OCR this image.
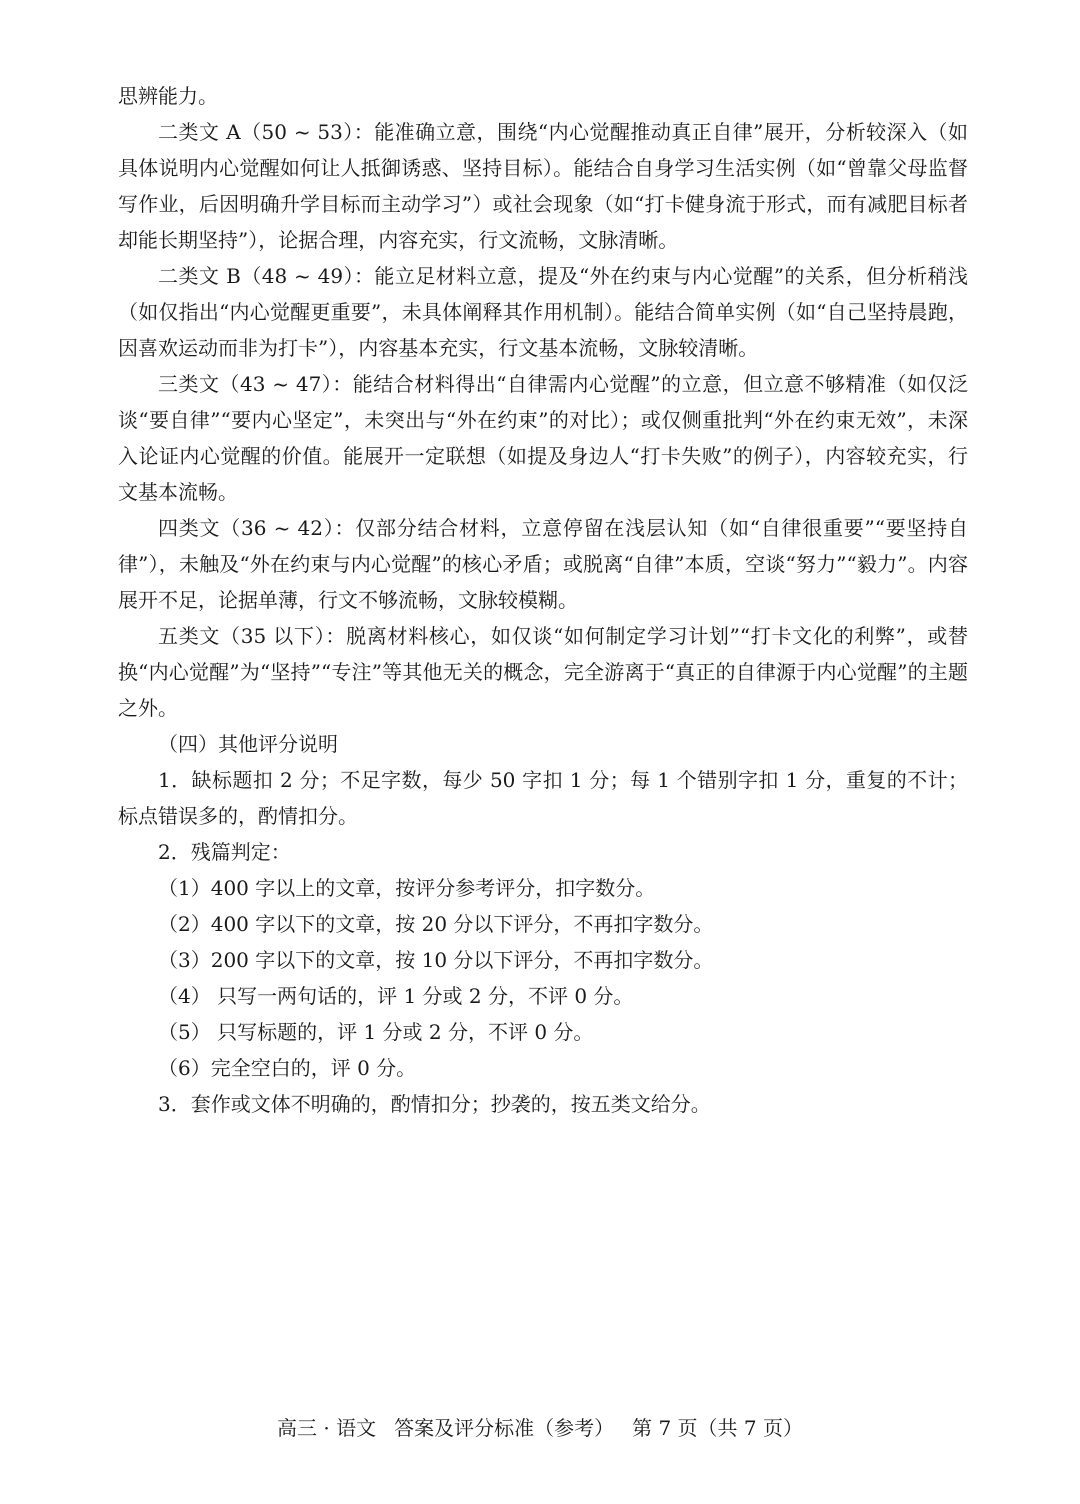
思辨能力。

二类文 A（50 ~ 53）：能准确立意，围绕“内心觉醒推动真正自律”展开，分析较深入（如具体说明内心觉醒如何让人抵御诱惑、坚持目标）。能结合自身学习生活实例（如“曾靠父母监督写作业，后因明确升学目标而主动学习”）或社会现象（如“打卡健身流于形式，而有减肥目标者却能长期坚持”），论据合理，内容充实，行文流畅，文脉清晰。

二类文 B（48 ~ 49）：能立足材料立意，提及“外在约束与内心觉醒”的关系，但分析稍浅（如仅指出“内心觉醒更重要”，未具体阐释其作用机制）。能结合简单实例（如“自己坚持晨跑，因喜欢运动而非为打卡”），内容基本充实，行文基本流畅，文脉较清晰。

三类文（43 ~ 47）：能结合材料得出“自律需内心觉醒”的立意，但立意不够精准（如仅泛谈“要自律”“要内心坚定”，未突出与“外在约束”的对比）；或仅侧重批判“外在约束无效”，未深入论证内心觉醒的价值。能展开一定联想（如提及身边人“打卡失败”的例子），内容较充实，行文基本流畅。

四类文（36 ~ 42）：仅部分结合材料，立意停留在浅层认知（如“自律很重要”“要坚持自律”），未触及“外在约束与内心觉醒”的核心矛盾；或脱离“自律”本质，空谈“努力”“毅力”。内容展开不足，论据单薄，行文不够流畅，文脉较模糊。

五类文（35 以下）：脱离材料核心，如仅谈“如何制定学习计划”“打卡文化的利弊”，或替换“内心觉醒”为“坚持”“专注”等其他无关的概念，完全游离于“真正的自律源于内心觉醒”的主题之外。

（四）其他评分说明

1．缺标题扣 2 分；不足字数，每少 50 字扣 1 分；每 1 个错别字扣 1 分，重复的不计；标点错误多的，酌情扣分。

2．残篇判定：

（1）400 字以上的文章，按评分参考评分，扣字数分。

（2）400 字以下的文章，按 20 分以下评分，不再扣字数分。

（3）200 字以下的文章，按 10 分以下评分，不再扣字数分。

（4） 只写一两句话的，评 1 分或 2 分，不评 0 分。

（5） 只写标题的，评 1 分或 2 分，不评 0 分。

（6）完全空白的，评 0 分。

3．套作或文体不明确的，酌情扣分；抄袭的，按五类文给分。

高三 · 语文 答案及评分标准（参考） 第 7 页（共 7 页）
